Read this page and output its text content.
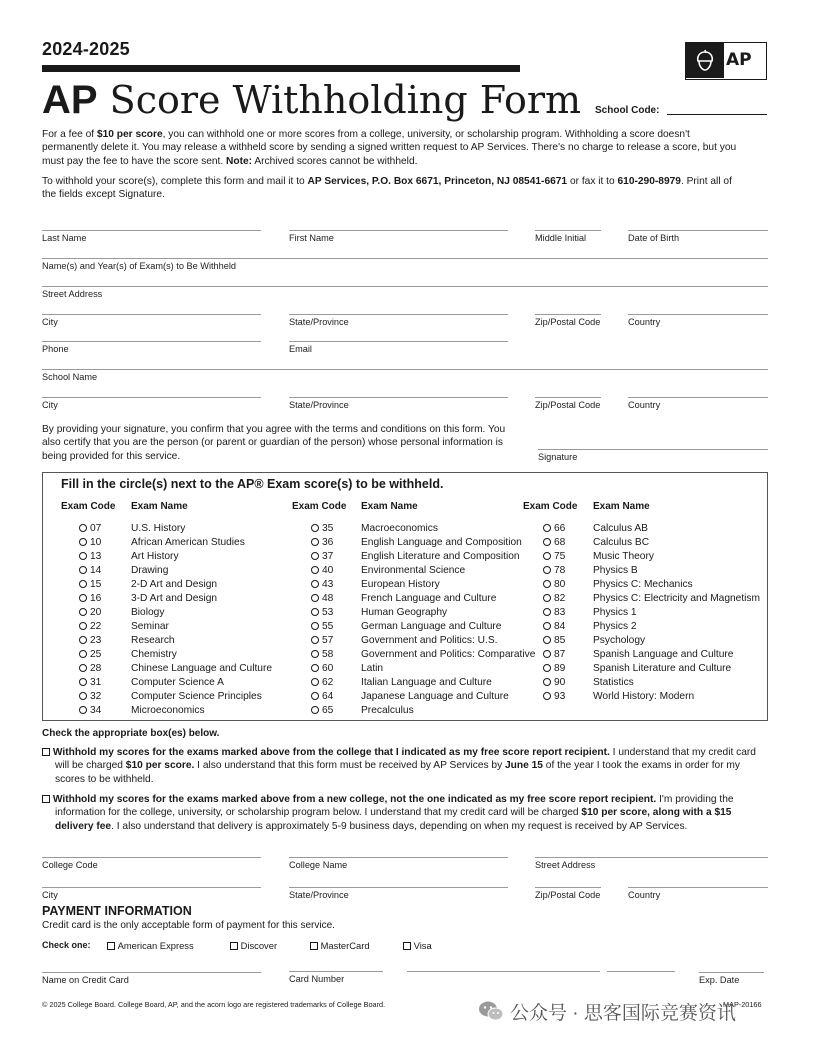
2024-2025
AP
AP Score Withholding Form School Code:
For a fee of $10 per score, you can withhold one or more scores from a college, university, or scholarship program. Withholding a score doesn't permanently delete it. You may release a withheld score by sending a signed written request to AP Services. There's no charge to release a score, but you must pay the fee to have the score sent. Note: Archived scores cannot be withheld.
To withhold your score(s), complete this form and mail it to AP Services, P.O. Box 6671, Princeton, NJ 08541-6671 or fax it to 610-290-8979. Print all of the fields except Signature.
Last Name	First Name	Middle Initial	Date of Birth
Name(s) and Year(s) of Exam(s) to Be Withheld
Street Address
City	State/Province	Zip/Postal Code	Country
Phone	Email
School Name
City	State/Province	Zip/Postal Code	Country
By providing your signature, you confirm that you agree with the terms and conditions on this form. You also certify that you are the person (or parent or guardian of the person) whose personal information is being provided for this service.	Signature
Fill in the circle(s) next to the AP® Exam score(s) to be withheld.
Exam Code Exam Name	Exam Code Exam Name	Exam Code Exam Name
07	U.S. History
10	African American Studies
13	Art History
14	Drawing
15	2-D Art and Design
16	3-D Art and Design
20	Biology
22	Seminar
23	Research
25	Chemistry
28	Chinese Language and Culture
31	Computer Science A
32	Computer Science Principles
34	Microeconomics
35	Macroeconomics
36	English Language and Composition
37	English Literature and Composition
40	Environmental Science
43	European History
48	French Language and Culture
53	Human Geography
55	German Language and Culture
57	Government and Politics: U.S.
58	Government and Politics: Comparative
60	Latin
62	Italian Language and Culture
64	Japanese Language and Culture
65	Precalculus
66	Calculus AB
68	Calculus BC
75	Music Theory
78	Physics B
80	Physics C: Mechanics
82	Physics C: Electricity and Magnetism
83	Physics 1
84	Physics 2
85	Psychology
87	Spanish Language and Culture
89	Spanish Literature and Culture
90	Statistics
93	World History: Modern
Check the appropriate box(es) below.
Withhold my scores for the exams marked above from the college that I indicated as my free score report recipient. I understand that my credit card will be charged $10 per score. I also understand that this form must be received by AP Services by June 15 of the year I took the exams in order for my scores to be withheld.
Withhold my scores for the exams marked above from a new college, not the one indicated as my free score report recipient. I'm providing the information for the college, university, or scholarship program below. I understand that my credit card will be charged $10 per score, along with a $15 delivery fee. I also understand that delivery is approximately 5-9 business days, depending on when my request is received by AP Services.
College Code	College Name	Street Address
City	State/Province	Zip/Postal Code	Country
PAYMENT INFORMATION
Credit card is the only acceptable form of payment for this service.
Check one:	American Express	Discover	MasterCard	Visa
Name on Credit Card	Card Number	Exp. Date
© 2025 College Board. College Board, AP, and the acorn logo are registered trademarks of College Board.	MAP-20166
公众号 · 思客国际竞赛资讯
